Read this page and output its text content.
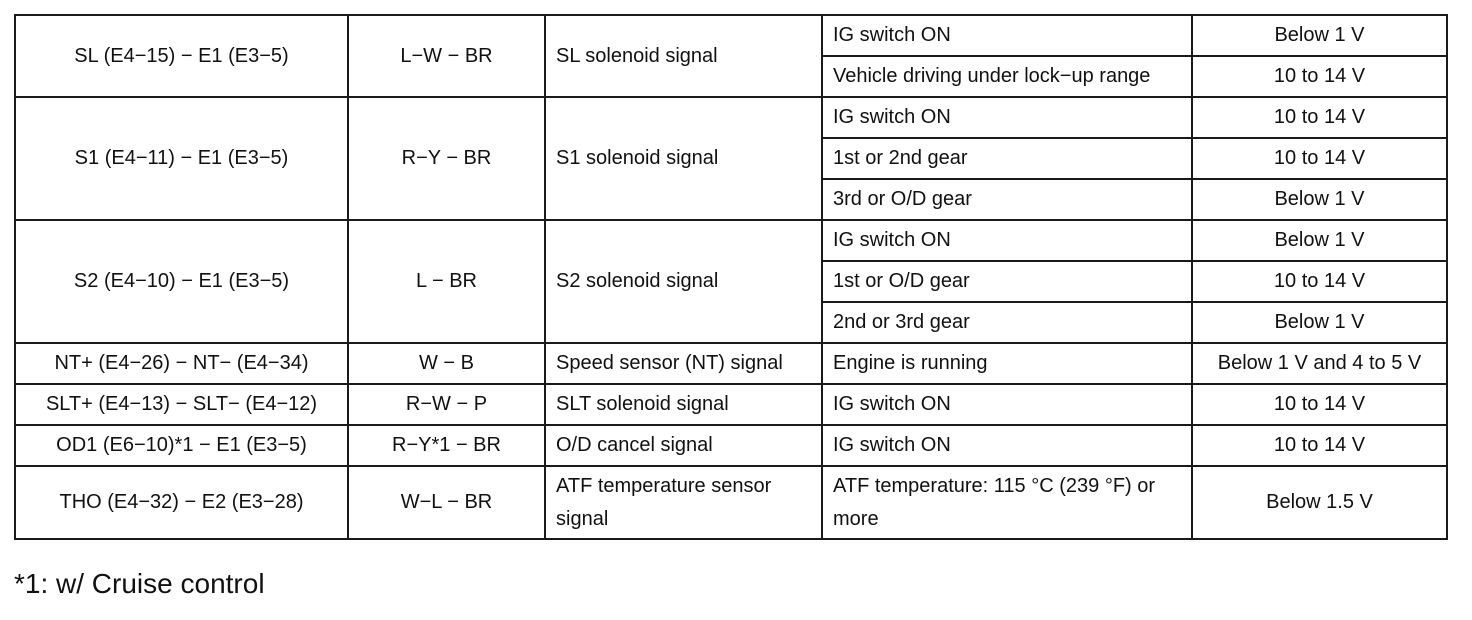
SL (E4−15) − E1 (E3−5)	L−W − BR	SL solenoid signal	IG switch ON	Below 1 V
			Vehicle driving under lock−up range	10 to 14 V
S1 (E4−11) − E1 (E3−5)	R−Y − BR	S1 solenoid signal	IG switch ON	10 to 14 V
			1st or 2nd gear	10 to 14 V
			3rd or O/D gear	Below 1 V
S2 (E4−10) − E1 (E3−5)	L − BR	S2 solenoid signal	IG switch ON	Below 1 V
			1st or O/D gear	10 to 14 V
			2nd or 3rd gear	Below 1 V
NT+ (E4−26) − NT− (E4−34)	W − B	Speed sensor (NT) signal	Engine is running	Below 1 V and 4 to 5 V
SLT+ (E4−13) − SLT− (E4−12)	R−W − P	SLT solenoid signal	IG switch ON	10 to 14 V
OD1 (E6−10)*1 − E1 (E3−5)	R−Y*1 − BR	O/D cancel signal	IG switch ON	10 to 14 V
THO (E4−32) − E2 (E3−28)	W−L − BR	ATF temperature sensor signal	ATF temperature: 115 °C (239 °F) or more	Below 1.5 V
*1: w/ Cruise control
